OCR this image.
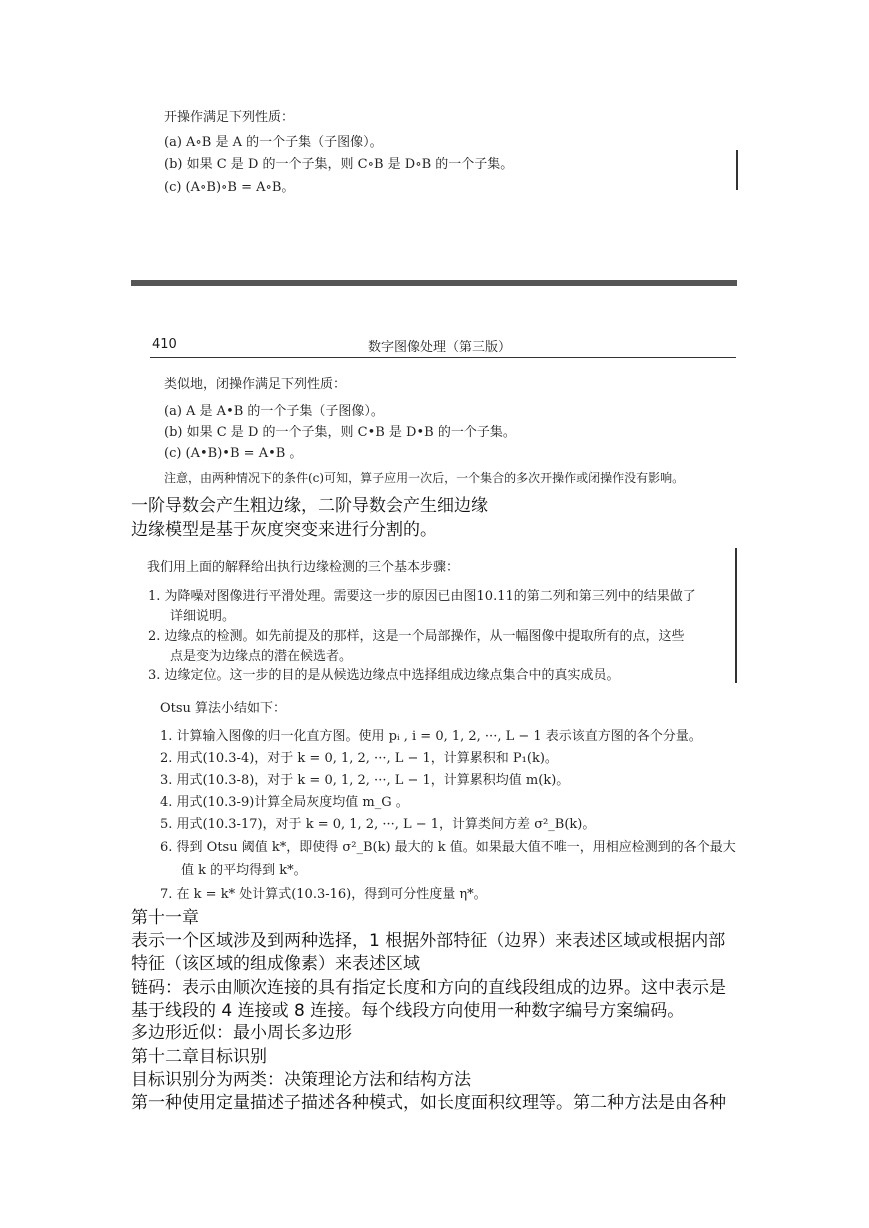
开操作满足下列性质：
(a) A∘B 是 A 的一个子集（子图像）。
(b) 如果 C 是 D 的一个子集，则 C∘B 是 D∘B 的一个子集。
(c) (A∘B)∘B = A∘B。
410	数字图像处理（第三版）
类似地，闭操作满足下列性质：
(a) A 是 A•B 的一个子集（子图像）。
(b) 如果 C 是 D 的一个子集，则 C•B 是 D•B 的一个子集。
(c) (A•B)•B = A•B 。
注意，由两种情况下的条件(c)可知，算子应用一次后，一个集合的多次开操作或闭操作没有影响。
一阶导数会产生粗边缘，二阶导数会产生细边缘
边缘模型是基于灰度突变来进行分割的。
我们用上面的解释给出执行边缘检测的三个基本步骤：
1. 为降噪对图像进行平滑处理。需要这一步的原因已由图10.11的第二列和第三列中的结果做了
详细说明。
2. 边缘点的检测。如先前提及的那样，这是一个局部操作，从一幅图像中提取所有的点，这些
点是变为边缘点的潜在候选者。
3. 边缘定位。这一步的目的是从候选边缘点中选择组成边缘点集合中的真实成员。
Otsu 算法小结如下：
1. 计算输入图像的归一化直方图。使用 pᵢ , i = 0, 1, 2, ···, L − 1 表示该直方图的各个分量。
2. 用式(10.3-4)，对于 k = 0, 1, 2, ···, L − 1，计算累积和 P₁(k)。
3. 用式(10.3-8)，对于 k = 0, 1, 2, ···, L − 1，计算累积均值 m(k)。
4. 用式(10.3-9)计算全局灰度均值 m_G 。
5. 用式(10.3-17)，对于 k = 0, 1, 2, ···, L − 1，计算类间方差 σ²_B(k)。
6. 得到 Otsu 阈值 k*，即使得 σ²_B(k) 最大的 k 值。如果最大值不唯一，用相应检测到的各个最大
值 k 的平均得到 k*。
7. 在 k = k* 处计算式(10.3-16)，得到可分性度量 η*。
第十一章
表示一个区域涉及到两种选择，1 根据外部特征（边界）来表述区域或根据内部
特征（该区域的组成像素）来表述区域
链码：表示由顺次连接的具有指定长度和方向的直线段组成的边界。这中表示是
基于线段的 4 连接或 8 连接。每个线段方向使用一种数字编号方案编码。
多边形近似：最小周长多边形
第十二章目标识别
目标识别分为两类：决策理论方法和结构方法
第一种使用定量描述子描述各种模式，如长度面积纹理等。第二种方法是由各种
